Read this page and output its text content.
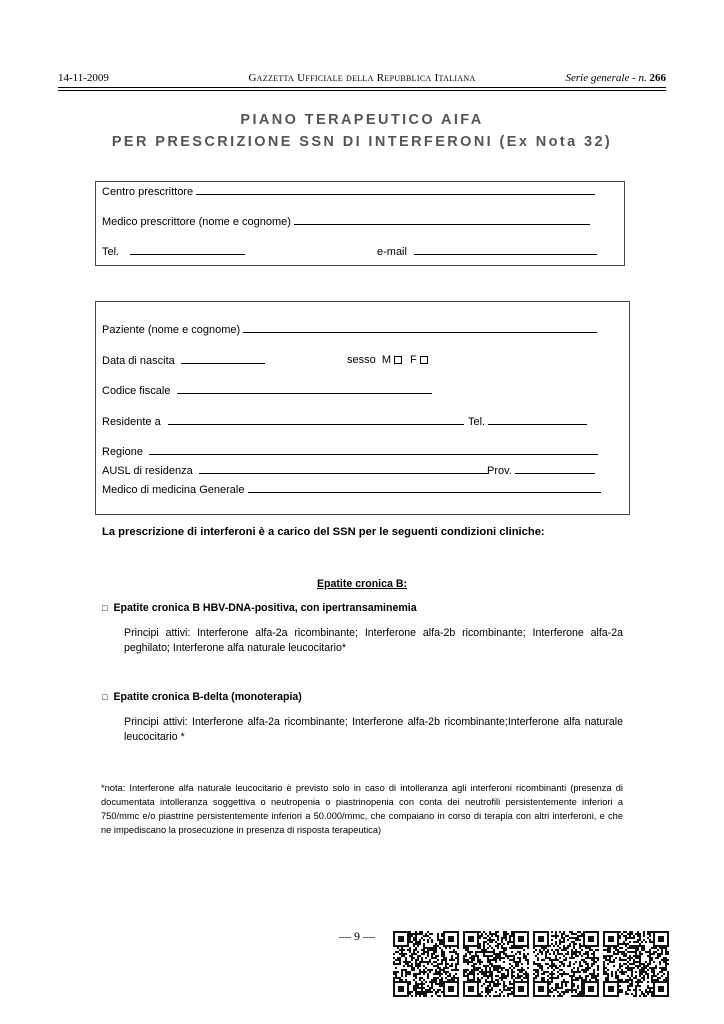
14-11-2009	Gazzetta Ufficiale della Repubblica Italiana	Serie generale - n. 266
PIANO TERAPEUTICO AIFA
PER PRESCRIZIONE SSN DI INTERFERONI (Ex Nota 32)
Centro prescrittore
Medico prescrittore (nome e cognome)
Tel.	e-mail
Paziente (nome e cognome)
Data di nascita	sesso M F
Codice fiscale
Residente a	Tel.
Regione
AUSL di residenza	Prov.
Medico di medicina Generale
La prescrizione di interferoni è a carico del SSN per le seguenti condizioni cliniche:
Epatite cronica B:
□ Epatite cronica B HBV-DNA-positiva, con ipertransaminemia
Principi attivi: Interferone alfa-2a ricombinante; Interferone alfa-2b ricombinante; Interferone alfa-2a peghilato; Interferone alfa naturale leucocitario*
□ Epatite cronica B-delta (monoterapia)
Principi attivi: Interferone alfa-2a ricombinante; Interferone alfa-2b ricombinante;Interferone alfa naturale leucocitario *
*nota: Interferone alfa naturale leucocitario è previsto solo in caso di intolleranza agli interferoni ricombinanti (presenza di documentata intolleranza soggettiva o neutropenia o piastrinopenia con conta dei neutrofili persistentemente inferiori a 750/mmc e/o piastrine persistentemente inferiori a 50.000/mmc, che compaiano in corso di terapia con altri interferoni, e che ne impediscano la prosecuzione in presenza di risposta terapeutica)
— 9 —
